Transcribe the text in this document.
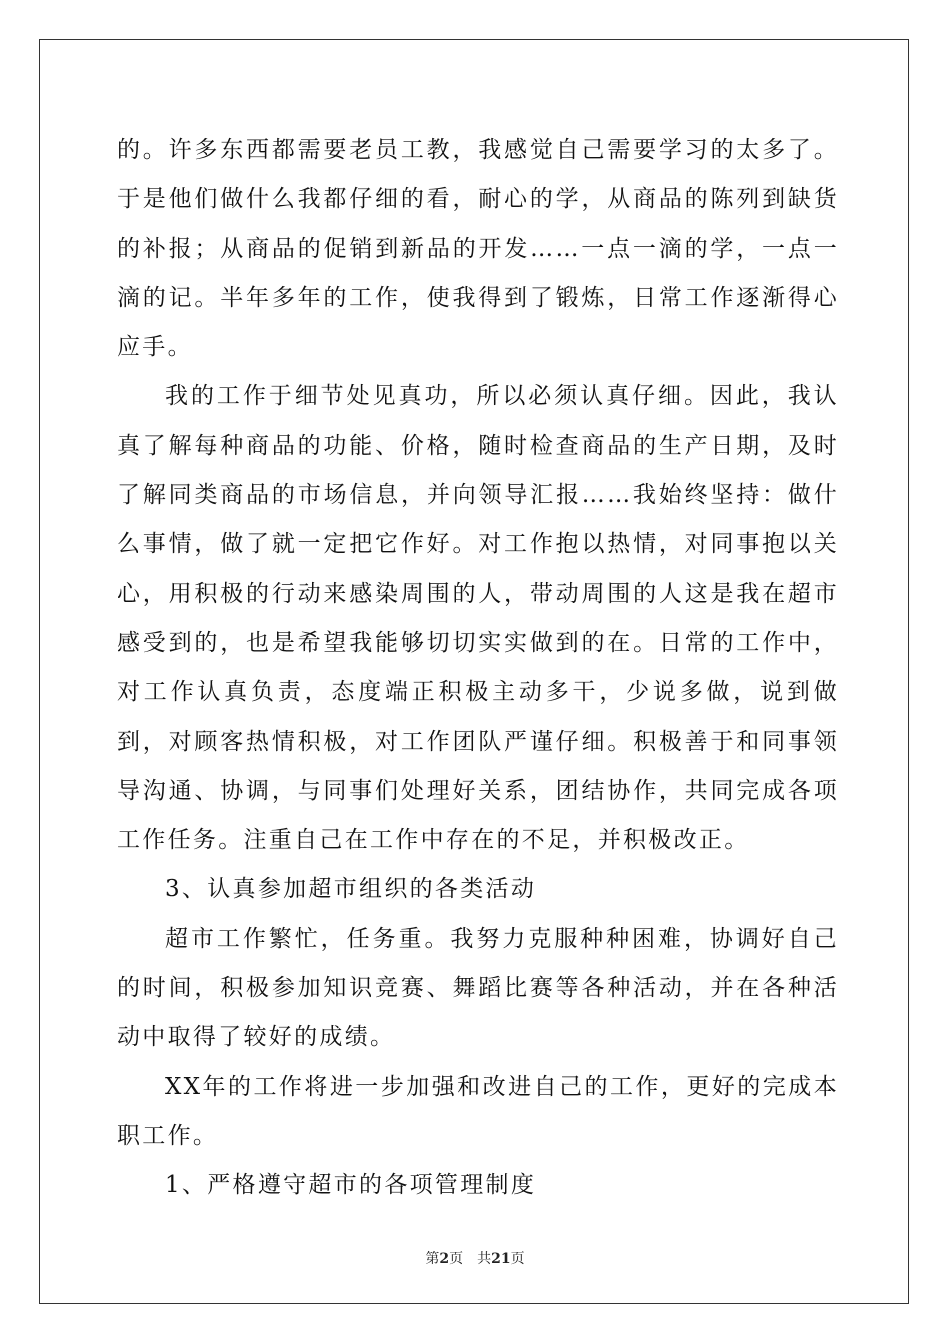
的。许多东西都需要老员工教，我感觉自己需要学习的太多了。于是他们做什么我都仔细的看，耐心的学，从商品的陈列到缺货的补报；从商品的促销到新品的开发……一点一滴的学，一点一滴的记。半年多年的工作，使我得到了锻炼，日常工作逐渐得心应手。

我的工作于细节处见真功，所以必须认真仔细。因此，我认真了解每种商品的功能、价格，随时检查商品的生产日期，及时了解同类商品的市场信息，并向领导汇报……我始终坚持：做什么事情，做了就一定把它作好。对工作抱以热情，对同事抱以关心，用积极的行动来感染周围的人，带动周围的人这是我在超市感受到的，也是希望我能够切切实实做到的在。日常的工作中，对工作认真负责，态度端正积极主动多干，少说多做，说到做到，对顾客热情积极，对工作团队严谨仔细。积极善于和同事领导沟通、协调，与同事们处理好关系，团结协作，共同完成各项工作任务。注重自己在工作中存在的不足，并积极改正。

3、认真参加超市组织的各类活动

超市工作繁忙，任务重。我努力克服种种困难，协调好自己的时间，积极参加知识竞赛、舞蹈比赛等各种活动，并在各种活动中取得了较好的成绩。

XX年的工作将进一步加强和改进自己的工作，更好的完成本职工作。

1、严格遵守超市的各项管理制度

第2页 共21页
